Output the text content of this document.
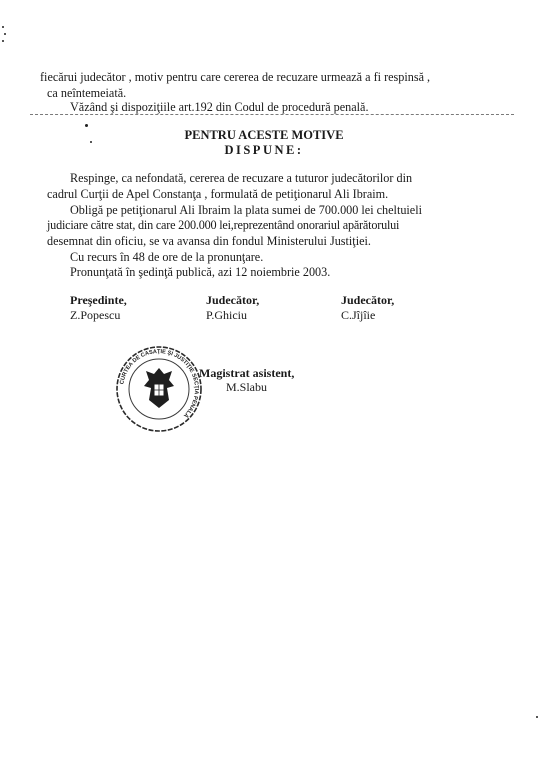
fiecărui judecător , motiv pentru care cererea de recuzare urmează a fi respinsă ,
ca neîntemeiată.
Văzând şi dispoziţiile art.192 din Codul de procedură penală.
PENTRU ACESTE MOTIVE
DISPUNE:
Respinge, ca nefondată, cererea de recuzare a tuturor judecătorilor din
cadrul Curţii de Apel Constanţa , formulată de petiţionarul Ali Ibraim.
Obligă pe petiţionarul Ali Ibraim la plata sumei de 700.000 lei cheltuieli
judiciare către stat, din care 200.000 lei,reprezentând onorariul apărătorului
desemnat din oficiu, se va avansa din fondul Ministerului Justiţiei.
Cu recurs în 48 de ore de la pronunţare.
Pronunţată în şedinţă publică, azi 12 noiembrie 2003.
Preşedinte,
Z.Popescu
Judecător,
P.Ghiciu
Judecător,
C.Jîjîie
CURTEA DE CASAŢIE ŞI JUSTIŢIE SECŢIA PENALĂ
Magistrat asistent,
M.Slabu
